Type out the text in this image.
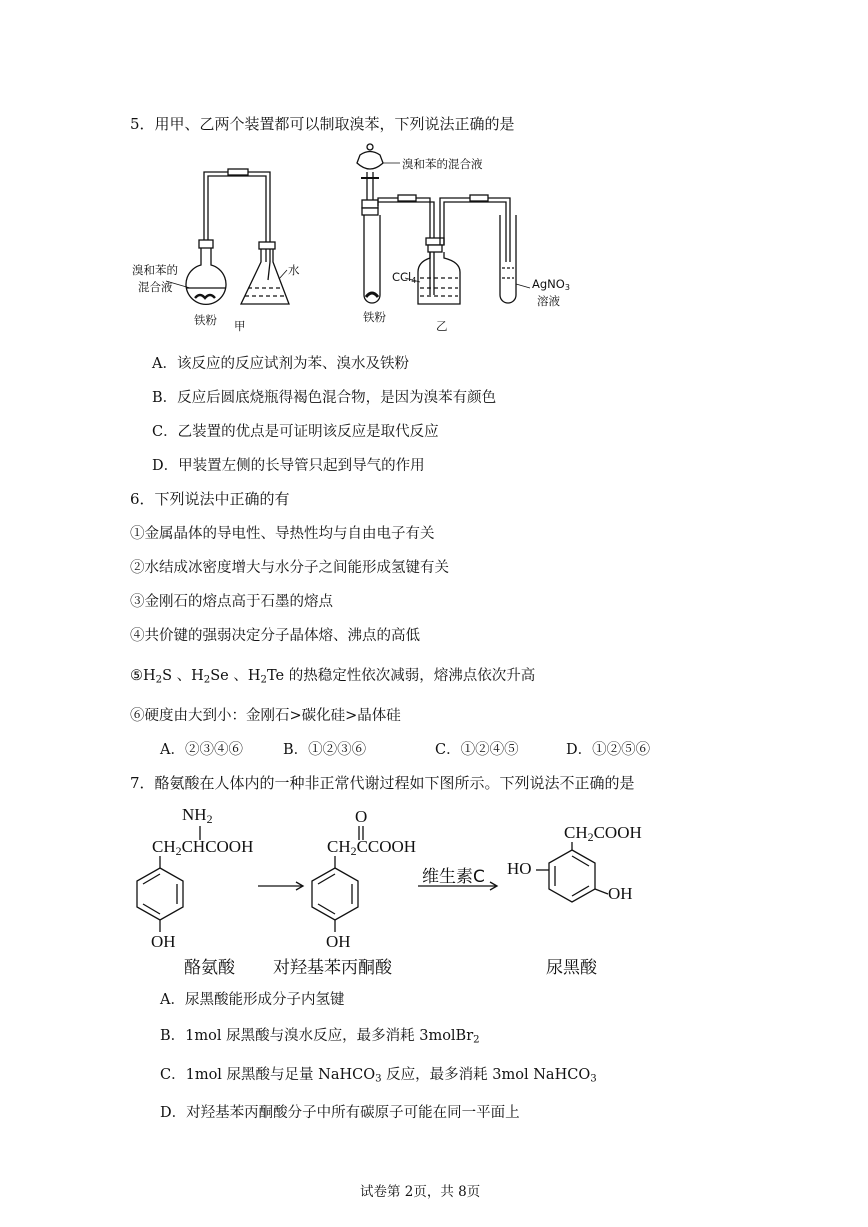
5．用甲、乙两个装置都可以制取溴苯，下列说法正确的是
溴和苯的
混合液
铁粉
水
甲
溴和苯的混合液
铁粉
CCl$_4$	AgNO$_3$
溶液
乙
A．该反应的反应试剂为苯、溴水及铁粉
B．反应后圆底烧瓶得褐色混合物，是因为溴苯有颜色
C．乙装置的优点是可证明该反应是取代反应
D．甲装置左侧的长导管只起到导气的作用
6．下列说法中正确的有
①金属晶体的导电性、导热性均与自由电子有关
②水结成冰密度增大与水分子之间能形成氢键有关
③金刚石的熔点高于石墨的熔点
④共价键的强弱决定分子晶体熔、沸点的高低
$⑤H_2S$ 、$H_2Se$ 、$H_2Te$ 的热稳定性依次减弱，熔沸点依次升高
⑥硬度由大到小：金刚石>碳化硅>晶体硅
A．②③④⑥	B．①②③⑥	C．①②④⑤	D．①②⑤⑥
7．酪氨酸在人体内的一种非正常代谢过程如下图所示。下列说法不正确的是
$NH_2$
$CH_2CHCOOH$
OH
O
$CH_2CCOOH$
OH
维生素C
$CH_2COOH$
HO
OH
酪氨酸 对羟基苯丙酮酸	尿黑酸
A．尿黑酸能形成分子内氢键
B．1mol 尿黑酸与溴水反应，最多消耗 3molBr$_2$
C．1mol 尿黑酸与足量 NaHCO$_3$ 反应，最多消耗 3mol NaHCO$_3$
D．对羟基苯丙酮酸分子中所有碳原子可能在同一平面上
试卷第 2页，共 8页
